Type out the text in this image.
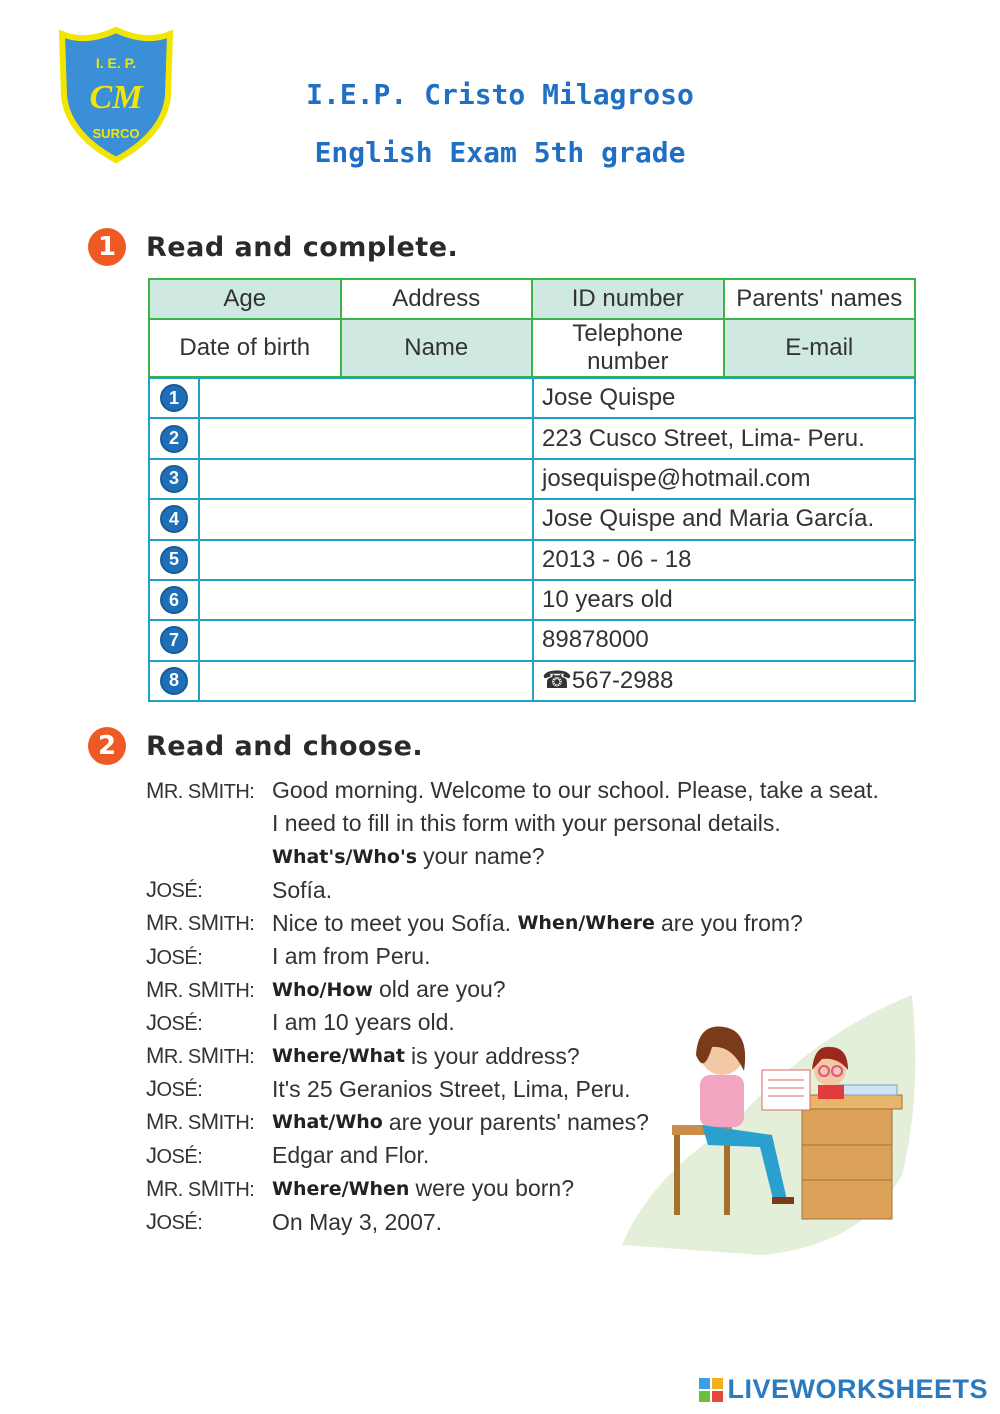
I. E. P.
CM
SURCO
I.E.P. Cristo Milagroso
English Exam 5th grade
1	Read and complete.
Age	Address	ID number	Parents' names
Date of birth	Name	Telephone number	E-mail
1		Jose Quispe
2		223 Cusco Street, Lima- Peru.
3		josequispe@hotmail.com
4		Jose Quispe and Maria García.
5		2013 - 06 - 18
6		10 years old
7		89878000
8		☎567-2988
2	Read and choose.
MR. SMITH: Good morning. Welcome to our school. Please, take a seat.
I need to fill in this form with your personal details.
What's/Who's your name?
JOSÉ:	Sofía.
MR. SMITH: Nice to meet you Sofía.
When/Where are you from?
JOSÉ:	I am from Peru.
MR. SMITH: Who/How old are you?
JOSÉ:	I am 10 years old.
MR. SMITH: Where/What is your address?
JOSÉ:	It's 25 Geranios Street, Lima, Peru.
MR. SMITH: What/Who are your parents' names?
JOSÉ:	Edgar and Flor.
MR. SMITH: Where/When were you born?
JOSÉ:	On May 3, 2007.
LIVEWORKSHEETS
